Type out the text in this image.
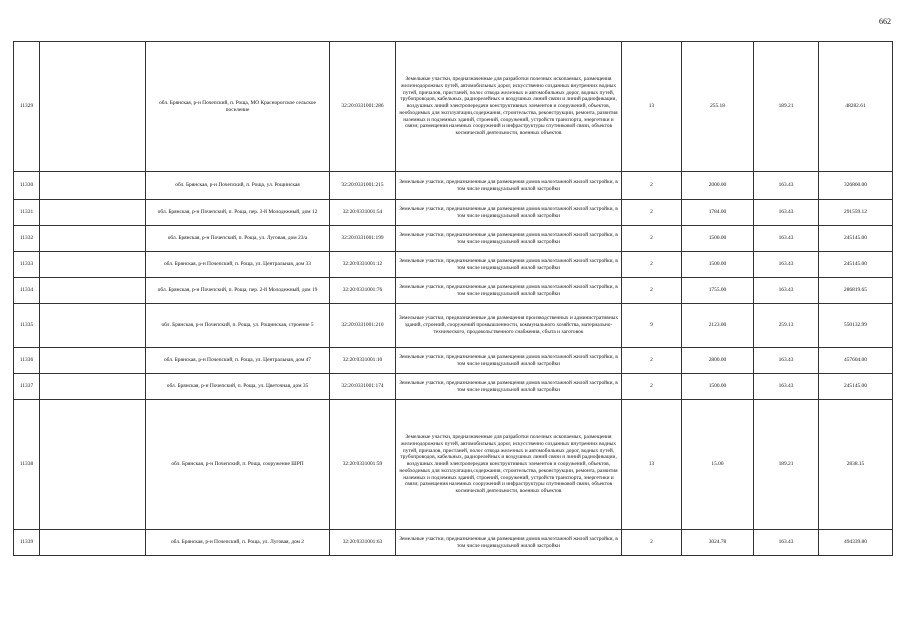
662
11329		обл. Брянская, р-н Почепский, п. Роща, МО Краснорогское сельское поселение	32:20:0331001:286	Земельные участки, предназначенные для разработки полезных ископаемых, размещения железнодорожных путей, автомобильных дорог, искусственно созданных внутренних водных путей, причалов, пристаней, полос отвода железных и автомобильных дорог, водных путей, трубопроводов, кабельных, радиорелейных и воздушных линий связи и линий радиофикации, воздушных линий электропередачи конструктивных элементов и сооружений, объектов, необходимых для эксплуатации,содержания, строительства, реконструкции, ремонта, развития наземных и подземных зданий, строений, сооружений, устройств транспорта, энергетики и связи; размещения наземных сооружений и инфраструктуры спутниковой связи, объектов космической деятельности, военных объектов	13	255.18	189.21	48282.61
11330		обл. Брянская, р-н Почепский, п. Роща, ул. Рощинская	32:20:0331001:215	Земельные участки, предназначенные для размещения домов малоэтажной жилой застройки, в том числе индивидуальной жилой застройки	2	2000.00	163.43	326860.00
11331		обл. Брянская, р-н Почепский, п. Роща, пер. 3-й Молодежный, дом 12	32:20:0331001:54	Земельные участки, предназначенные для размещения домов малоэтажной жилой застройки, в том числе индивидуальной жилой застройки	2	1784.00	163.43	291559.12
11332		обл. Брянская, р-н Почепский, п. Роща, ул. Луговая, дом 23/а	32:20:0331001:199	Земельные участки, предназначенные для размещения домов малоэтажной жилой застройки, в том числе индивидуальной жилой застройки	2	1500.00	163.43	245145.00
11333		обл. Брянская, р-н Почепский, п. Роща, ул. Центральная, дом 33	32:20:0331001:12	Земельные участки, предназначенные для размещения домов малоэтажной жилой застройки, в том числе индивидуальной жилой застройки	2	1500.00	163.43	245145.00
11334		обл. Брянская, р-н Почепский, п. Роща, пер. 2-й Молодежный, дом 19	32:20:0331001:76	Земельные участки, предназначенные для размещения домов малоэтажной жилой застройки, в том числе индивидуальной жилой застройки	2	1755.00	163.43	286819.65
11335		обл. Брянская, р-н Почепский, п. Роща, ул. Рощинская, строение 5	32:20:0331001:210	Земельные участки, предназначенные для размещения производственных и административных зданий, строений, сооружений промышленности, коммунального хозяйства, материально-технического, продовольственного снабжения, сбыта и заготовок	9	2123.00	259.13	550132.99
11336		обл. Брянская, р-н Почепский, п. Роща, ул. Центральная, дом 47	32:20:0331001:10	Земельные участки, предназначенные для размещения домов малоэтажной жилой застройки, в том числе индивидуальной жилой застройки	2	2800.00	163.43	457604.00
11337		обл. Брянская, р-н Почепский, п. Роща, ул. Цветочная, дом 35	32:20:0331001:174	Земельные участки, предназначенные для размещения домов малоэтажной жилой застройки, в том числе индивидуальной жилой застройки	2	1500.00	163.43	245145.00
11338		обл. Брянская, р-н Почепский, п. Роща, сооружение ШРП	32:20:0331001:59	Земельные участки, предназначенные для разработки полезных ископаемых, размещения железнодорожных путей, автомобильных дорог, искусственно созданных внутренних водных путей, причалов, пристаней, полос отвода железных и автомобильных дорог, водных путей, трубопроводов, кабельных, радиорелейных и воздушных линий связи и линий радиофикации, воздушных линий электропередачи конструктивных элементов и сооружений, объектов, необходимых для эксплуатации,содержания, строительства, реконструкции, ремонта, развития наземных и подземных зданий, строений, сооружений, устройств транспорта, энергетики и связи; размещения наземных сооружений и инфраструктуры спутниковой связи, объектов космической деятельности, военных объектов	13	15.00	189.21	2838.15
11339		обл. Брянская, р-н Почепский, п. Роща, ул. Луговая, дом 2	32:20:0331001:63	Земельные участки, предназначенные для размещения домов малоэтажной жилой застройки, в том числе индивидуальной жилой застройки	2	3024.78	163.43	494339.80
